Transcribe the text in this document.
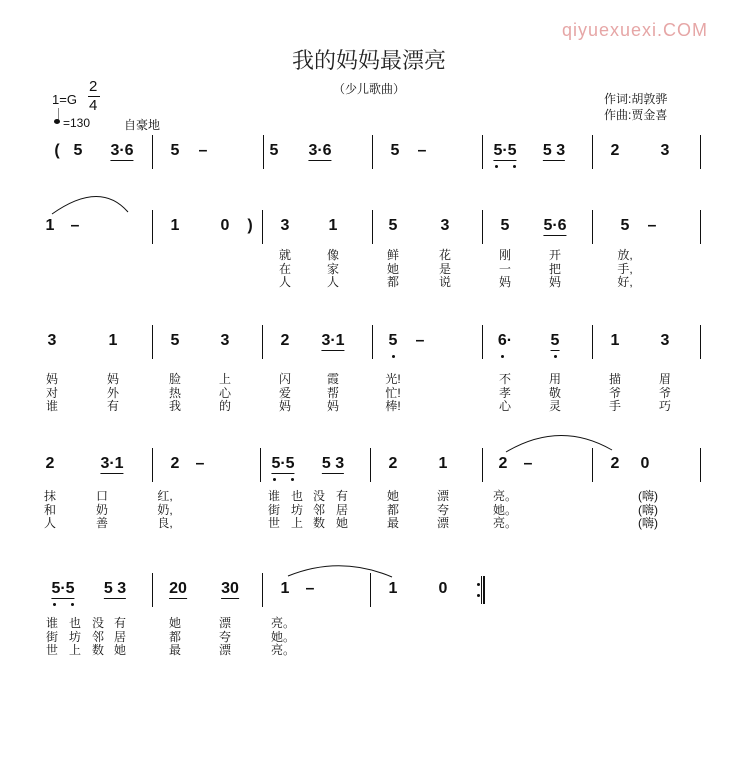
qiyuexuexi.COM
我的妈妈最漂亮
（少儿歌曲）
1=G
2
4
=130	自豪地
作词:胡敦骅
作曲:贾金喜
( 5 3·6 5 –	5 3·6	5 –	5·5 5 3	2	3
1 –	1	0 ) 3 1	5	3	5 5·6	5 –
就	像	鲜	花	刚	开	放,
在	家	她	是	一	把	手,
人	人	都	说	妈	妈	好,
3	1	5	3	2 3·1	5 –	6· 5	1	3
妈	妈	脸	上	闪	霞	光!	不	用	描	眉
对	外	热	心	爱	帮	忙!	孝	敬	爷	爷
谁	有	我	的	妈	妈	棒!	心	灵	手	巧
2	3·1	2 –	5·5 5 3	2	1	2 –	2 0
抹	口	红,	谁 也 没 有	她	漂	亮。	(嗨)
和	奶	奶,	街 坊 邻 居	都	夸	她。	(嗨)
人	善	良,	世 上 数 她	最	漂	亮。	(嗨)
5·5 5 3	20 30	1 –	1	0
谁 也 没 有	她	漂	亮。
街 坊 邻 居	都	夸	她。
世 上 数 她	最	漂	亮。
